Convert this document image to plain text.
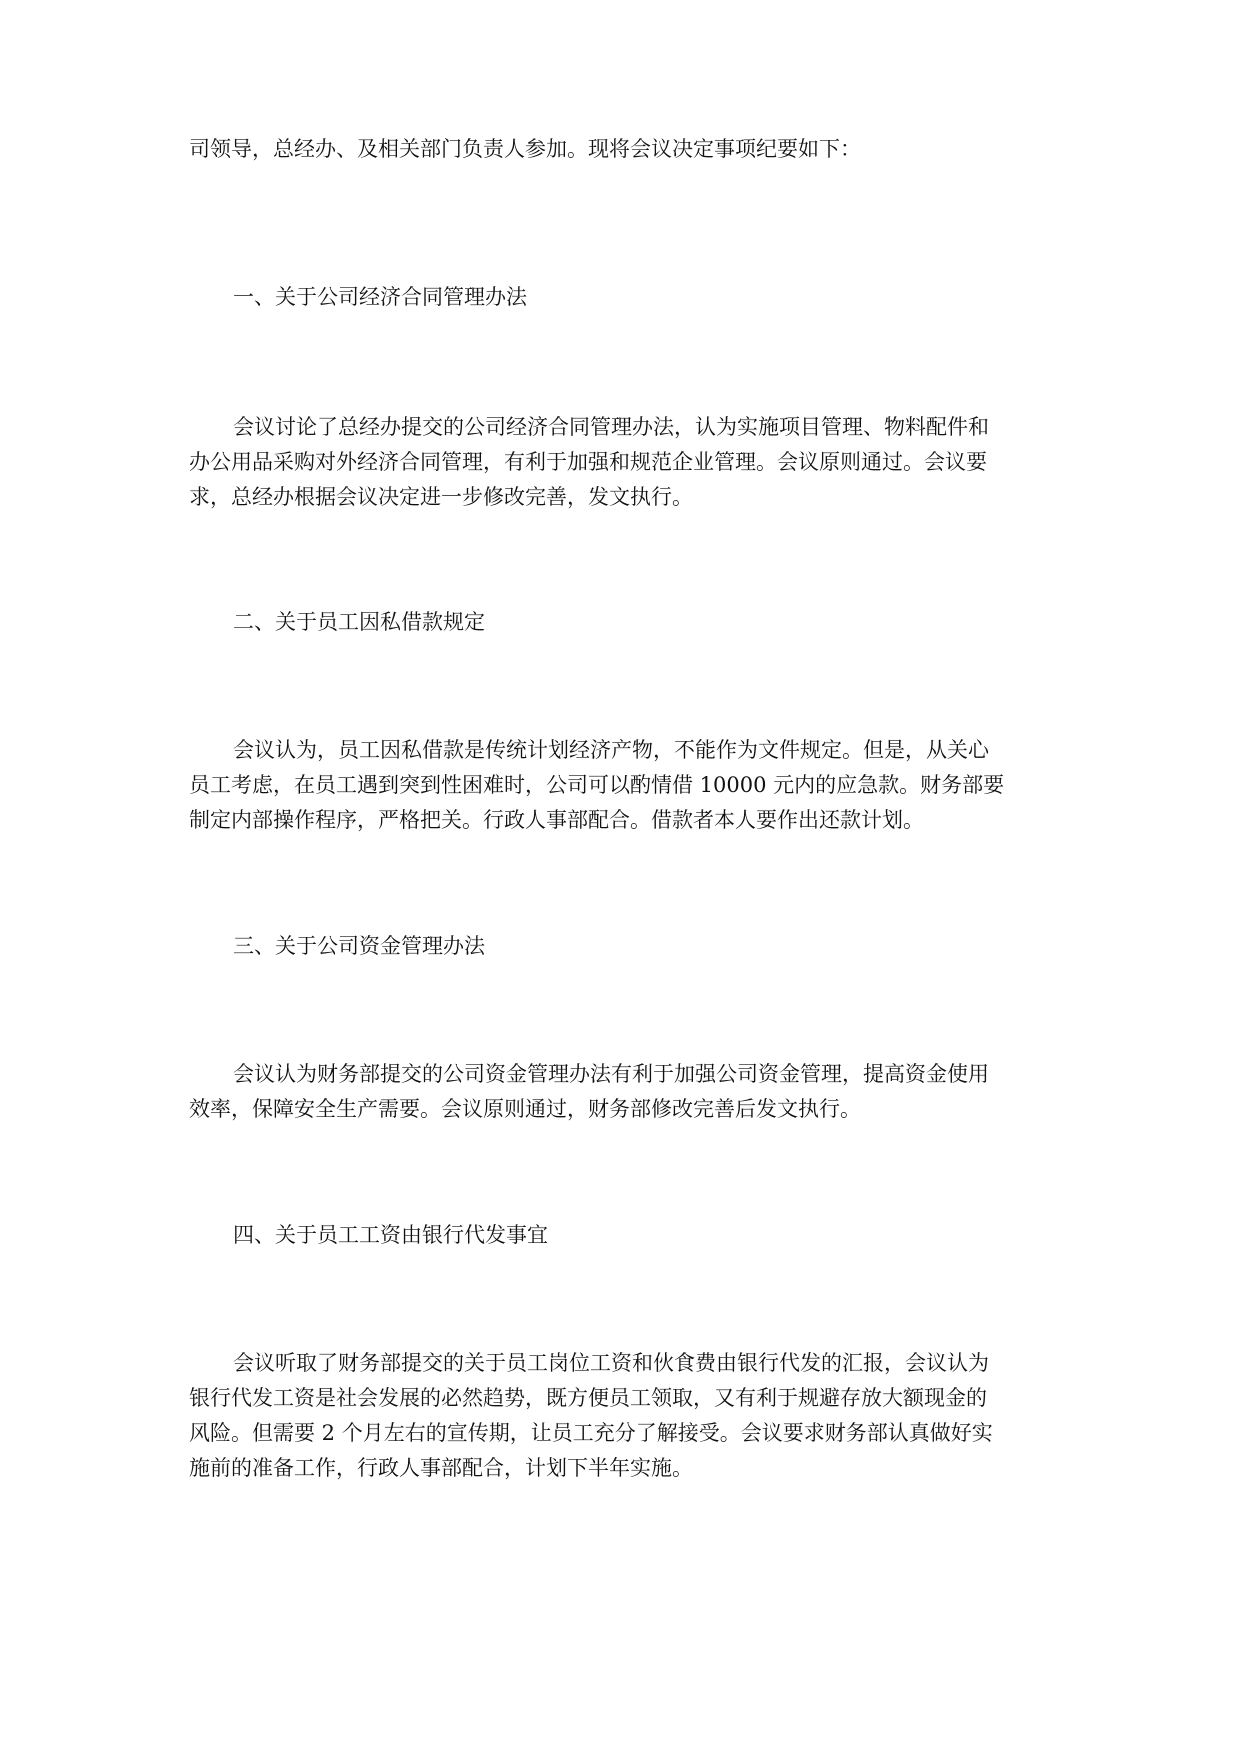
司领导，总经办、及相关部门负责人参加。现将会议决定事项纪要如下：

一、关于公司经济合同管理办法

会议讨论了总经办提交的公司经济合同管理办法，认为实施项目管理、物料配件和
办公用品采购对外经济合同管理，有利于加强和规范企业管理。会议原则通过。会议要
求，总经办根据会议决定进一步修改完善，发文执行。

二、关于员工因私借款规定

会议认为，员工因私借款是传统计划经济产物，不能作为文件规定。但是，从关心
员工考虑，在员工遇到突到性困难时，公司可以酌情借 10000 元内的应急款。财务部要
制定内部操作程序，严格把关。行政人事部配合。借款者本人要作出还款计划。

三、关于公司资金管理办法

会议认为财务部提交的公司资金管理办法有利于加强公司资金管理，提高资金使用
效率，保障安全生产需要。会议原则通过，财务部修改完善后发文执行。

四、关于员工工资由银行代发事宜

会议听取了财务部提交的关于员工岗位工资和伙食费由银行代发的汇报，会议认为
银行代发工资是社会发展的必然趋势，既方便员工领取，又有利于规避存放大额现金的
风险。但需要 2 个月左右的宣传期，让员工充分了解接受。会议要求财务部认真做好实
施前的准备工作，行政人事部配合，计划下半年实施。
